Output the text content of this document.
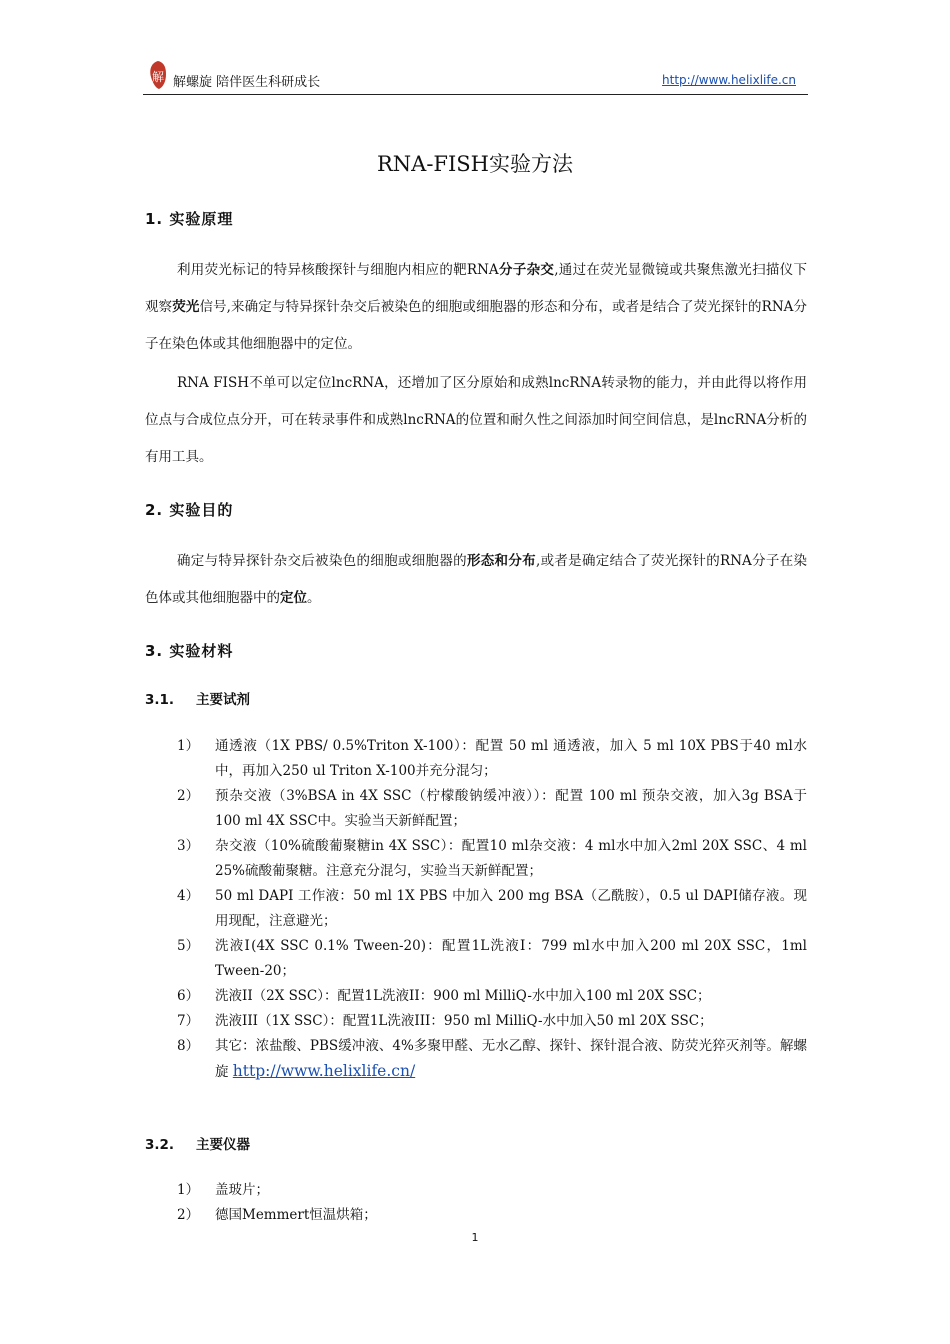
解 解螺旋 陪伴医生科研成长	http://www.helixlife.cn
RNA-FISH实验方法
1. 实验原理
利用荧光标记的特异核酸探针与细胞内相应的靶RNA分子杂交,通过在荧光显微镜或共聚焦激光扫描仪下观察荧光信号,来确定与特异探针杂交后被染色的细胞或细胞器的形态和分布，或者是结合了荧光探针的RNA分子在染色体或其他细胞器中的定位。
RNA FISH不单可以定位lncRNA，还增加了区分原始和成熟lncRNA转录物的能力，并由此得以将作用位点与合成位点分开，可在转录事件和成熟lncRNA的位置和耐久性之间添加时间空间信息，是lncRNA分析的有用工具。
2. 实验目的
确定与特异探针杂交后被染色的细胞或细胞器的形态和分布,或者是确定结合了荧光探针的RNA分子在染色体或其他细胞器中的定位。
3. 实验材料
3.1. 主要试剂
1） 通透液（1X PBS/ 0.5%Triton X-100）：配置 50 ml 通透液，加入 5 ml 10X PBS于40 ml水中，再加入250 ul Triton X-100并充分混匀；
2） 预杂交液（3%BSA in 4X SSC（柠檬酸钠缓冲液））：配置 100 ml 预杂交液，加入3g BSA于100 ml 4X SSC中。实验当天新鲜配置；
3） 杂交液（10%硫酸葡聚糖in 4X SSC）：配置10 ml杂交液：4 ml水中加入2ml 20X SSC、4 ml 25%硫酸葡聚糖。注意充分混匀，实验当天新鲜配置；
4） 50 ml DAPI 工作液：50 ml 1X PBS 中加入 200 mg BSA（乙酰胺），0.5 ul DAPI储存液。现用现配，注意避光；
5） 洗液Ⅰ(4X SSC 0.1% Tween-20)：配置1L洗液Ⅰ：799 ml水中加入200 ml 20X SSC，1ml Tween-20；
6） 洗液II（2X SSC）：配置1L洗液II：900 ml MilliQ-水中加入100 ml 20X SSC；
7） 洗液III（1X SSC）：配置1L洗液III：950 ml MilliQ-水中加入50 ml 20X SSC；
8） 其它：浓盐酸、PBS缓冲液、4%多聚甲醛、无水乙醇、探针、探针混合液、防荧光猝灭剂等。解螺旋 http://www.helixlife.cn/
3.2. 主要仪器
1） 盖玻片；
2） 德国Memmert恒温烘箱；
1
